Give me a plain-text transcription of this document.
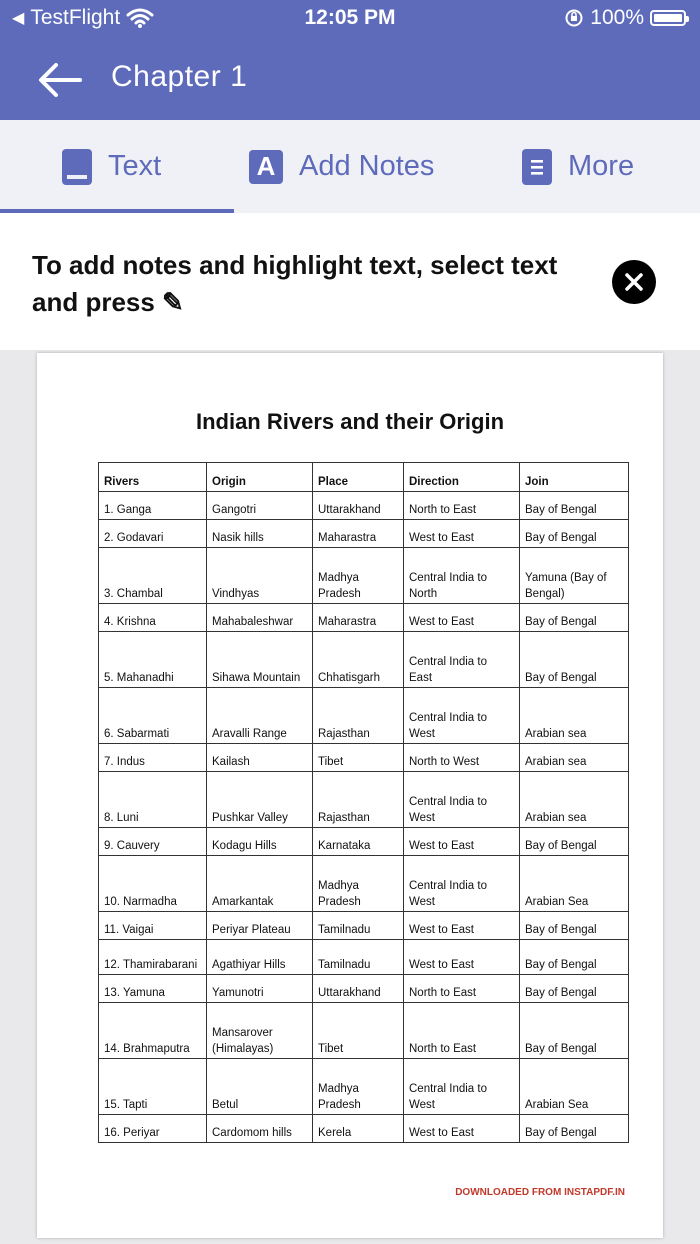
◀ TestFlight	12:05 PM	100%
Chapter 1
Text	A Add Notes	More
To add notes and highlight text, select text and press ✎
Indian Rivers and their Origin
Rivers	Origin	Place	Direction	Join
1. Ganga	Gangotri	Uttarakhand	North to East	Bay of Bengal
2. Godavari	Nasik hills	Maharastra	West to East	Bay of Bengal
3. Chambal	Vindhyas	Madhya Pradesh	Central India to North	Yamuna (Bay of Bengal)
4. Krishna	Mahabaleshwar	Maharastra	West to East	Bay of Bengal
5. Mahanadhi	Sihawa Mountain	Chhatisgarh	Central India to East	Bay of Bengal
6. Sabarmati	Aravalli Range	Rajasthan	Central India to West	Arabian sea
7. Indus	Kailash	Tibet	North to West	Arabian sea
8. Luni	Pushkar Valley	Rajasthan	Central India to West	Arabian sea
9. Cauvery	Kodagu Hills	Karnataka	West to East	Bay of Bengal
10. Narmadha	Amarkantak	Madhya Pradesh	Central India to West	Arabian Sea
11. Vaigai	Periyar Plateau	Tamilnadu	West to East	Bay of Bengal
12. Thamirabarani	Agathiyar Hills	Tamilnadu	West to East	Bay of Bengal
13. Yamuna	Yamunotri	Uttarakhand	North to East	Bay of Bengal
14. Brahmaputra	Mansarover (Himalayas)	Tibet	North to East	Bay of Bengal
15. Tapti	Betul	Madhya Pradesh	Central India to West	Arabian Sea
16. Periyar	Cardomom hills	Kerela	West to East	Bay of Bengal
DOWNLOADED FROM INSTAPDF.IN
